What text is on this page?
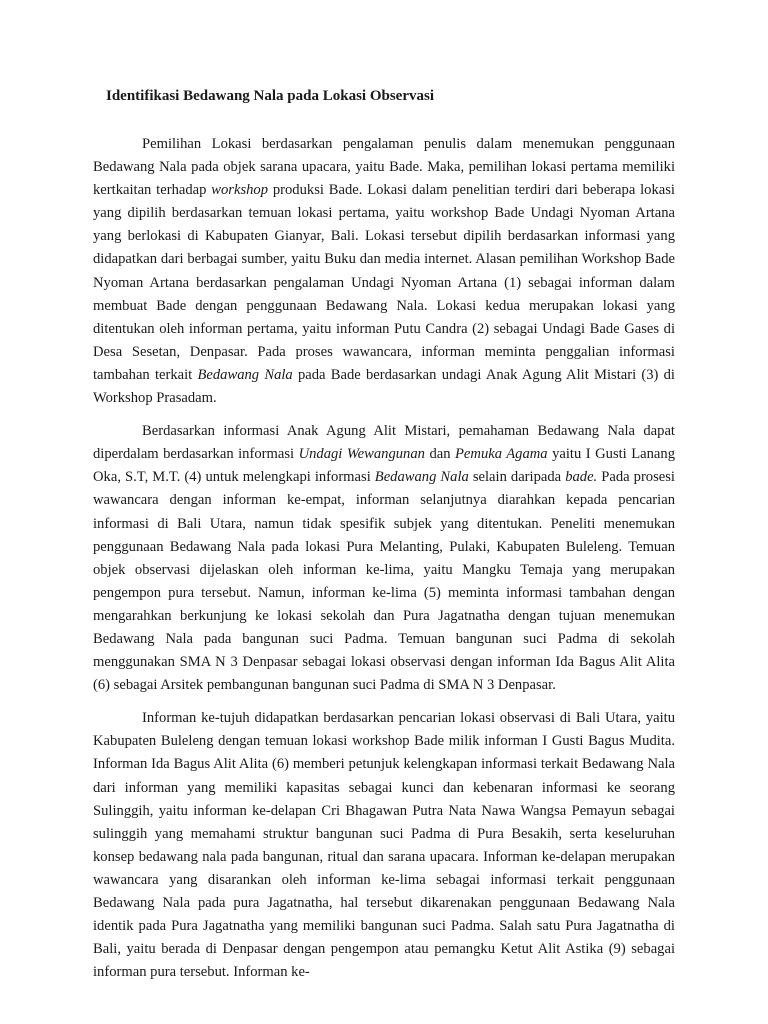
Identifikasi Bedawang Nala pada Lokasi Observasi

Pemilihan Lokasi berdasarkan pengalaman penulis dalam menemukan penggunaan Bedawang Nala pada objek sarana upacara, yaitu Bade. Maka, pemilihan lokasi pertama memiliki kertkaitan terhadap workshop produksi Bade. Lokasi dalam penelitian terdiri dari beberapa lokasi yang dipilih berdasarkan temuan lokasi pertama, yaitu workshop Bade Undagi Nyoman Artana yang berlokasi di Kabupaten Gianyar, Bali. Lokasi tersebut dipilih berdasarkan informasi yang didapatkan dari berbagai sumber, yaitu Buku dan media internet. Alasan pemilihan Workshop Bade Nyoman Artana berdasarkan pengalaman Undagi Nyoman Artana (1) sebagai informan dalam membuat Bade dengan penggunaan Bedawang Nala. Lokasi kedua merupakan lokasi yang ditentukan oleh informan pertama, yaitu informan Putu Candra (2) sebagai Undagi Bade Gases di Desa Sesetan, Denpasar. Pada proses wawancara, informan meminta penggalian informasi tambahan terkait Bedawang Nala pada Bade berdasarkan undagi Anak Agung Alit Mistari (3) di Workshop Prasadam.

Berdasarkan informasi Anak Agung Alit Mistari, pemahaman Bedawang Nala dapat diperdalam berdasarkan informasi Undagi Wewangunan dan Pemuka Agama yaitu I Gusti Lanang Oka, S.T, M.T. (4) untuk melengkapi informasi Bedawang Nala selain daripada bade. Pada prosesi wawancara dengan informan ke-empat, informan selanjutnya diarahkan kepada pencarian informasi di Bali Utara, namun tidak spesifik subjek yang ditentukan. Peneliti menemukan penggunaan Bedawang Nala pada lokasi Pura Melanting, Pulaki, Kabupaten Buleleng. Temuan objek observasi dijelaskan oleh informan ke-lima, yaitu Mangku Temaja yang merupakan pengempon pura tersebut. Namun, informan ke-lima (5) meminta informasi tambahan dengan mengarahkan berkunjung ke lokasi sekolah dan Pura Jagatnatha dengan tujuan menemukan Bedawang Nala pada bangunan suci Padma. Temuan bangunan suci Padma di sekolah menggunakan SMA N 3 Denpasar sebagai lokasi observasi dengan informan Ida Bagus Alit Alita (6) sebagai Arsitek pembangunan bangunan suci Padma di SMA N 3 Denpasar.

Informan ke-tujuh didapatkan berdasarkan pencarian lokasi observasi di Bali Utara, yaitu Kabupaten Buleleng dengan temuan lokasi workshop Bade milik informan I Gusti Bagus Mudita. Informan Ida Bagus Alit Alita (6) memberi petunjuk kelengkapan informasi terkait Bedawang Nala dari informan yang memiliki kapasitas sebagai kunci dan kebenaran informasi ke seorang Sulinggih, yaitu informan ke-delapan Cri Bhagawan Putra Nata Nawa Wangsa Pemayun sebagai sulinggih yang memahami struktur bangunan suci Padma di Pura Besakih, serta keseluruhan konsep bedawang nala pada bangunan, ritual dan sarana upacara. Informan ke-delapan merupakan wawancara yang disarankan oleh informan ke-lima sebagai informasi terkait penggunaan Bedawang Nala pada pura Jagatnatha, hal tersebut dikarenakan penggunaan Bedawang Nala identik pada Pura Jagatnatha yang memiliki bangunan suci Padma. Salah satu Pura Jagatnatha di Bali, yaitu berada di Denpasar dengan pengempon atau pemangku Ketut Alit Astika (9) sebagai informan pura tersebut. Informan ke-
